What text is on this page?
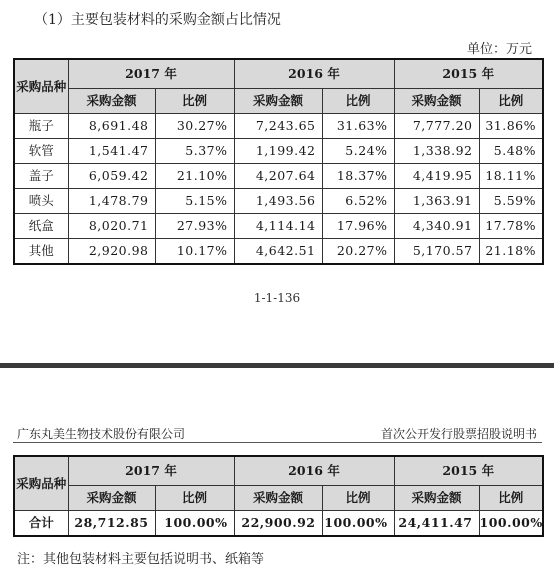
（1）主要包装材料的采购金额占比情况
单位：万元
采购品种	2017 年		2016 年		2015 年	
	采购金额	比例	采购金额	比例	采购金额	比例
瓶子	8,691.48	30.27%	7,243.65	31.63%	7,777.20	31.86%
软管	1,541.47	5.37%	1,199.42	5.24%	1,338.92	5.48%
盖子	6,059.42	21.10%	4,207.64	18.37%	4,419.95	18.11%
喷头	1,478.79	5.15%	1,493.56	6.52%	1,363.91	5.59%
纸盒	8,020.71	27.93%	4,114.14	17.96%	4,340.91	17.78%
其他	2,920.98	10.17%	4,642.51	20.27%	5,170.57	21.18%
1-1-136
广东丸美生物技术股份有限公司	首次公开发行股票招股说明书
采购品种	2017 年		2016 年		2015 年	
	采购金额	比例	采购金额	比例	采购金额	比例
合计	28,712.85	100.00%	22,900.92	100.00%	24,411.47	100.00%
注：其他包装材料主要包括说明书、纸箱等
